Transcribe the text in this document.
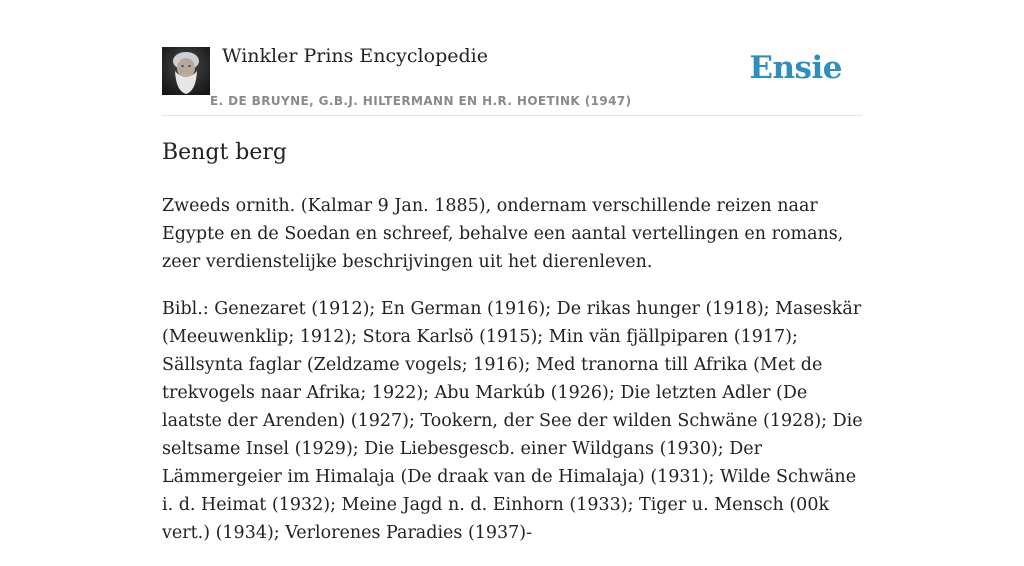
Winkler Prins Encyclopedie
E. DE BRUYNE, G.B.J. HILTERMANN EN H.R. HOETINK (1947)
Ensie
Bengt berg

Zweeds ornith. (Kalmar 9 Jan. 1885), ondernam verschillende reizen naar Egypte en de Soedan en schreef, behalve een aantal vertellingen en romans, zeer verdienstelijke beschrijvingen uit het dierenleven.

Bibl.: Genezaret (1912); En German (1916); De rikas hunger (1918); Maseskär (Meeuwenklip; 1912); Stora Karlsö (1915); Min vän fjällpiparen (1917); Sällsynta faglar (Zeldzame vogels; 1916); Med tranorna till Afrika (Met de trekvogels naar Afrika; 1922); Abu Markúb (1926); Die letzten Adler (De laatste der Arenden) (1927); Tookern, der See der wilden Schwäne (1928); Die seltsame Insel (1929); Die Liebesgescb. einer Wildgans (1930); Der Lämmergeier im Himalaja (De draak van de Himalaja) (1931); Wilde Schwäne i. d. Heimat (1932); Meine Jagd n. d. Einhorn (1933); Tiger u. Mensch (00k vert.) (1934); Verlorenes Paradies (1937)-
